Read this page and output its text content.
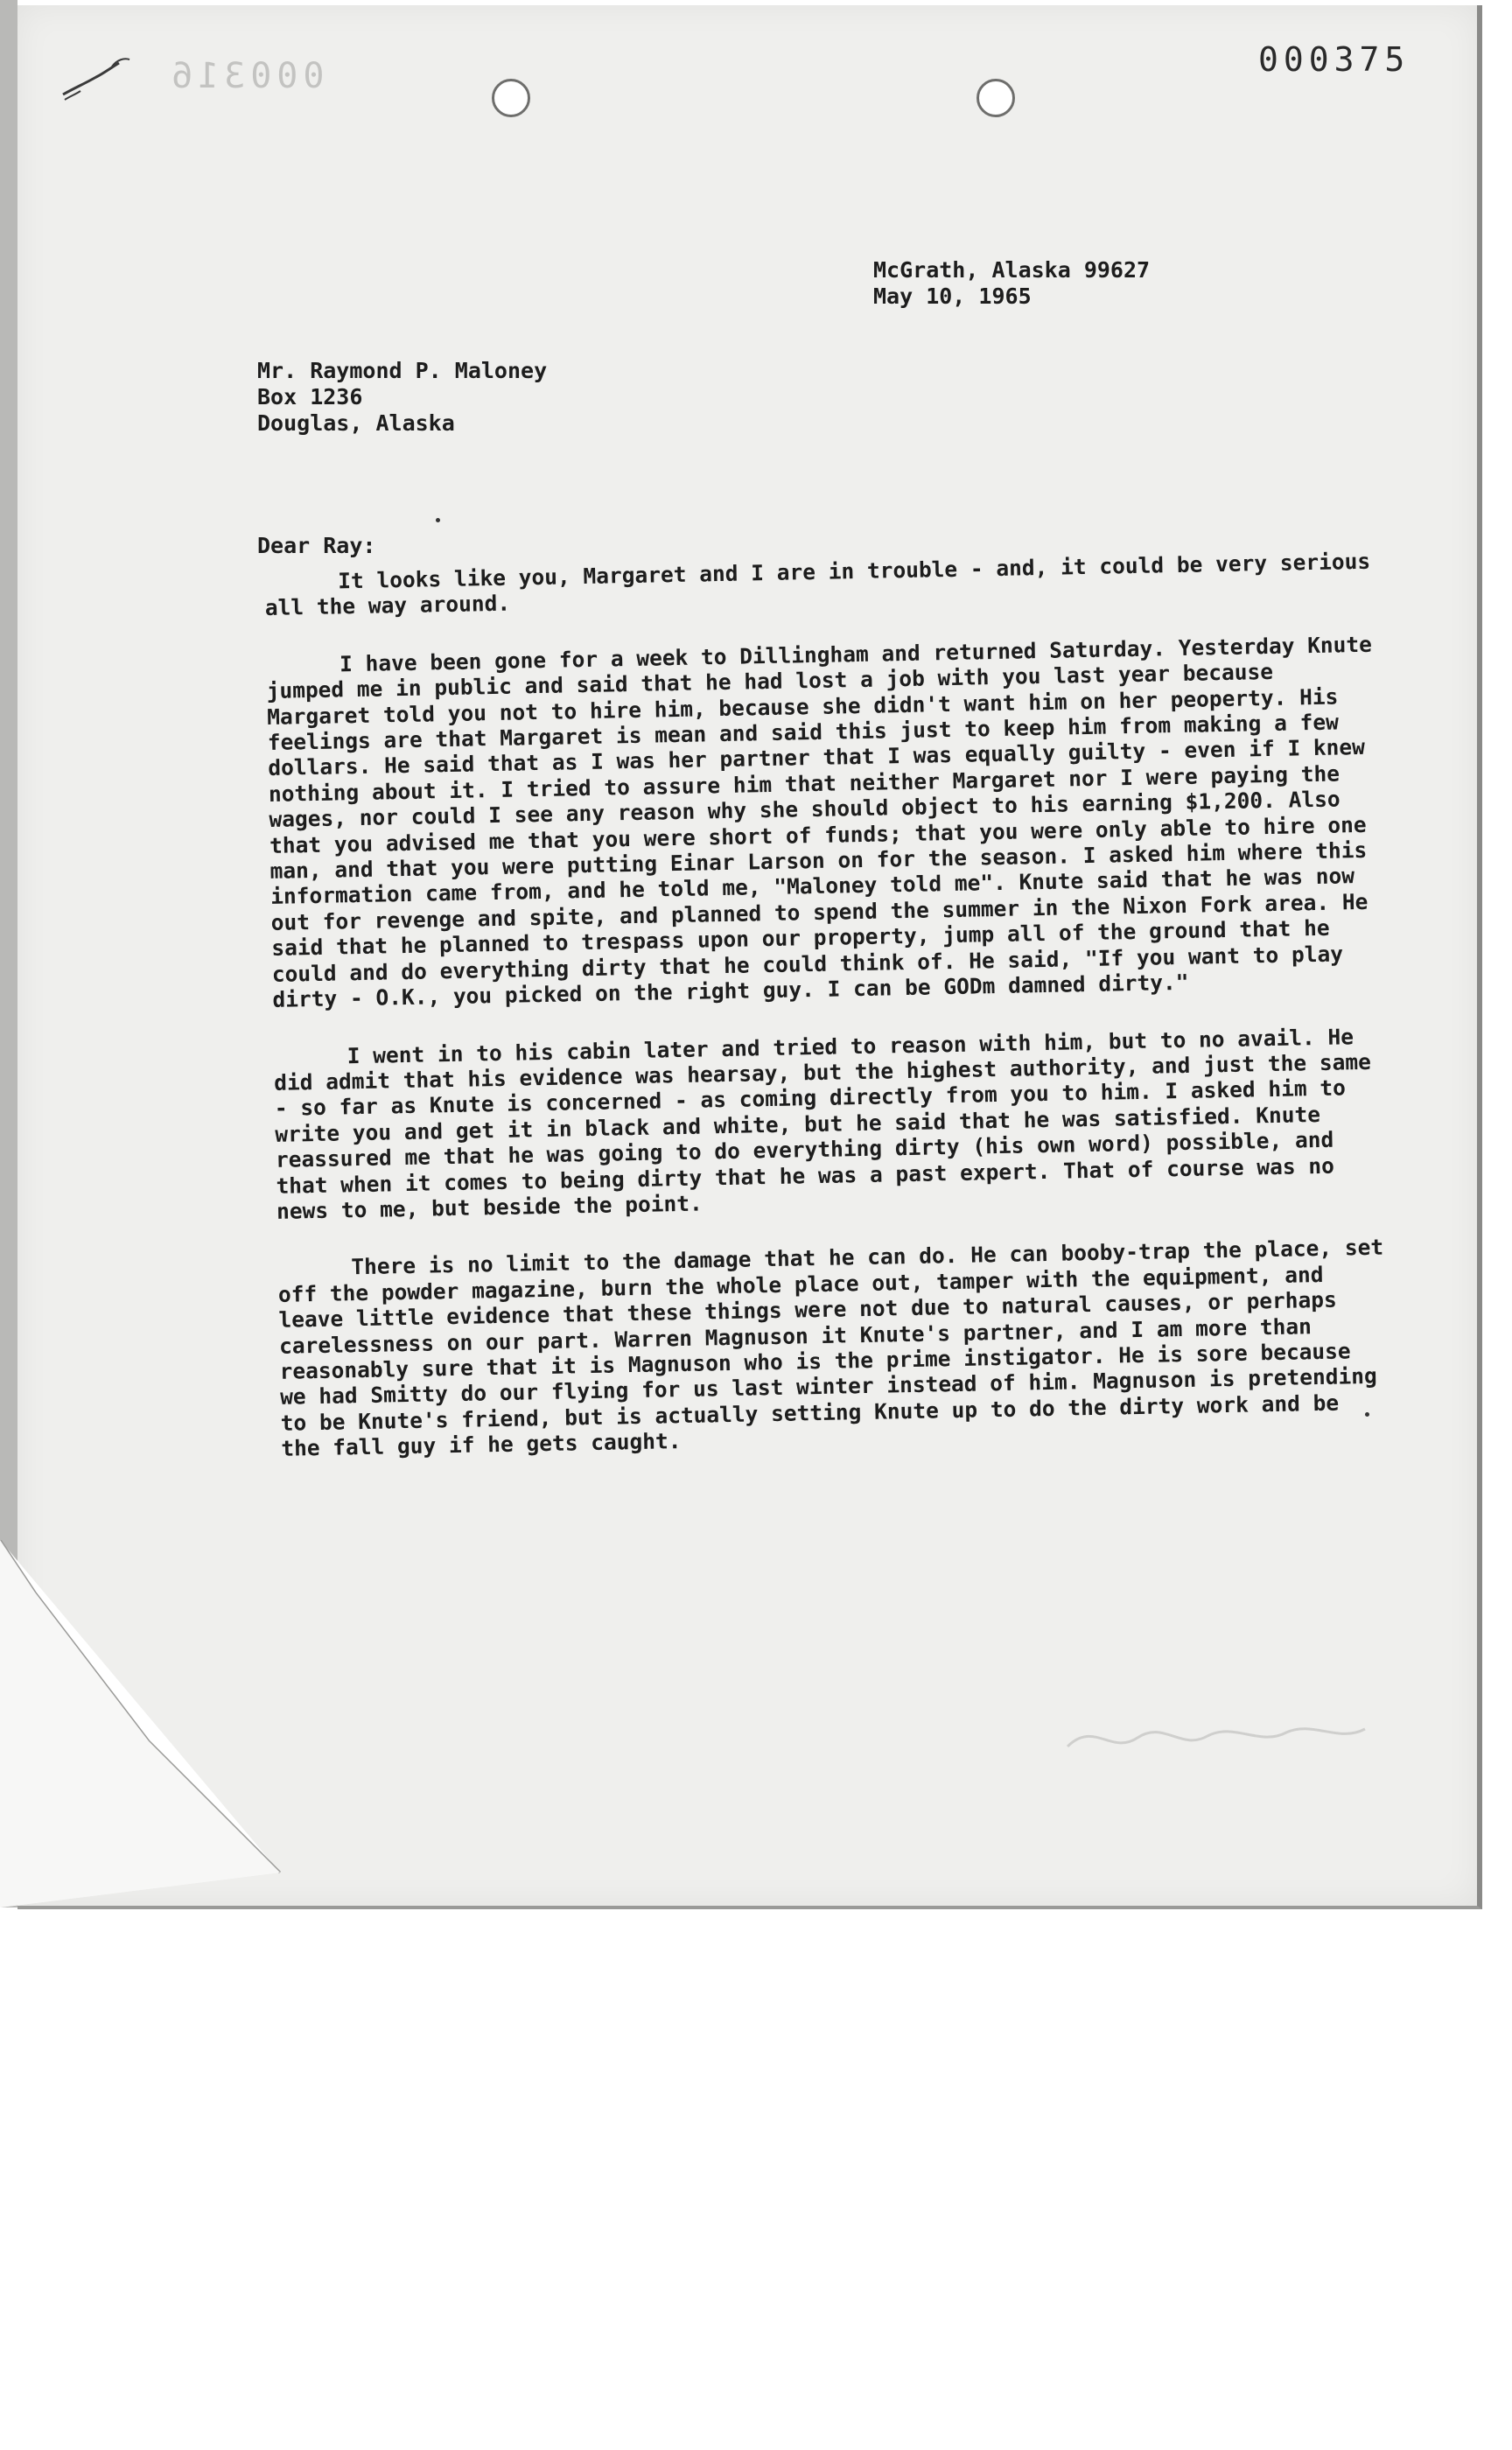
000316	000375

McGrath, Alaska 99627

May 10, 1965

Mr. Raymond P. Maloney

Box 1236

Douglas, Alaska

Dear Ray:

It looks like you, Margaret and I are in trouble - and, it could be very serious all the way around.

I have been gone for a week to Dillingham and returned Saturday. Yesterday Knute jumped me in public and said that he had lost a job with you last year because Margaret told you not to hire him, because she didn't want him on her peoperty. His feelings are that Margaret is mean and said this just to keep him from making a few dollars. He said that as I was her partner that I was equally guilty - even if I knew nothing about it. I tried to assure him that neither Margaret nor I were paying the wages, nor could I see any reason why she should object to his earning $1,200. Also that you advised me that you were short of funds; that you were only able to hire one man, and that you were putting Einar Larson on for the season. I asked him where this information came from, and he told me, "Maloney told me". Knute said that he was now out for revenge and spite, and planned to spend the summer in the Nixon Fork area. He said that he planned to trespass upon our property, jump all of the ground that he could and do everything dirty that he could think of. He said, "If you want to play dirty - O.K., you picked on the right guy. I can be GODm damned dirty."

I went in to his cabin later and tried to reason with him, but to no avail. He did admit that his evidence was hearsay, but the highest authority, and just the same - so far as Knute is concerned - as coming directly from you to him. I asked him to write you and get it in black and white, but he said that he was satisfied. Knute reassured me that he was going to do everything dirty (his own word) possible, and that when it comes to being dirty that he was a past expert. That of course was no news to me, but beside the point.

There is no limit to the damage that he can do. He can booby-trap the place, set off the powder magazine, burn the whole place out, tamper with the equipment, and leave little evidence that these things were not due to natural causes, or perhaps carelessness on our part. Warren Magnuson it Knute's partner, and I am more than reasonably sure that it is Magnuson who is the prime instigator. He is sore because we had Smitty do our flying for us last winter instead of him. Magnuson is pretending to be Knute's friend, but is actually setting Knute up to do the dirty work and be the fall guy if he gets caught.
